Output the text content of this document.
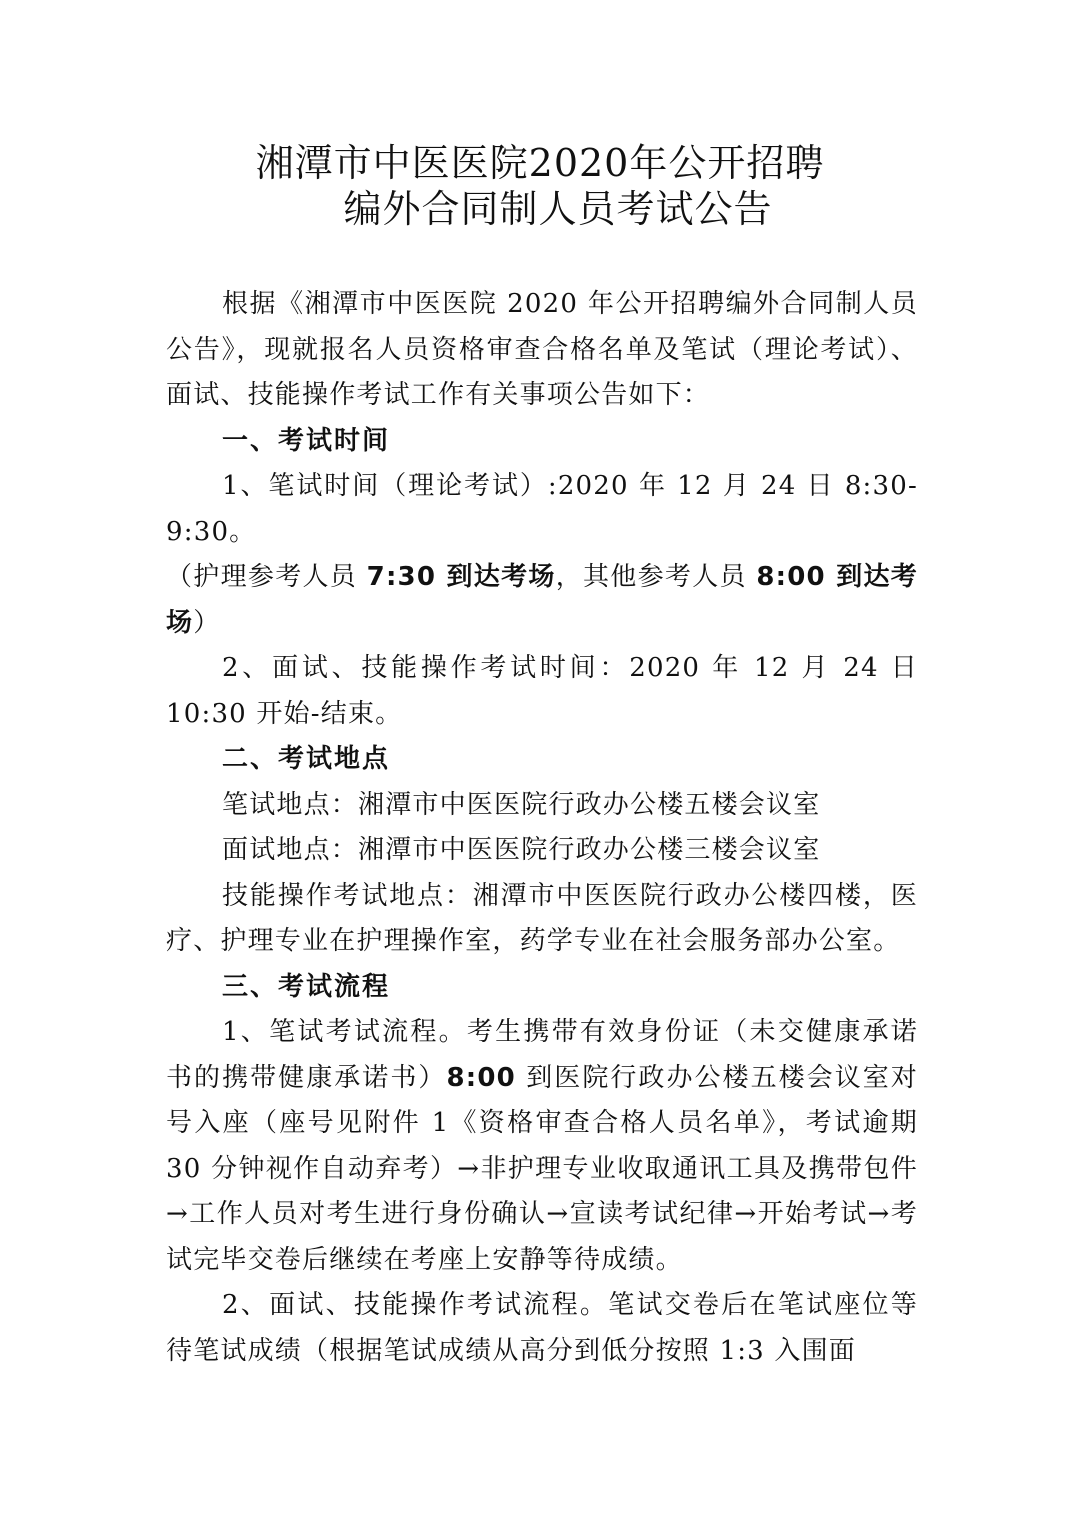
湘潭市中医医院2020年公开招聘
编外合同制人员考试公告

根据《湘潭市中医医院 2020 年公开招聘编外合同制人员公告》，现就报名人员资格审查合格名单及笔试（理论考试）、面试、技能操作考试工作有关事项公告如下：

一、考试时间

1、笔试时间（理论考试）:2020 年 12 月 24 日 8:30-9:30。

（护理参考人员 7:30 到达考场，其他参考人员 8:00 到达考场）

2、面试、技能操作考试时间：2020 年 12 月 24 日 10:30 开始-结束。

二、考试地点

笔试地点：湘潭市中医医院行政办公楼五楼会议室

面试地点：湘潭市中医医院行政办公楼三楼会议室

技能操作考试地点：湘潭市中医医院行政办公楼四楼，医疗、护理专业在护理操作室，药学专业在社会服务部办公室。

三、考试流程

1、笔试考试流程。考生携带有效身份证（未交健康承诺书的携带健康承诺书）8:00 到医院行政办公楼五楼会议室对号入座（座号见附件 1《资格审查合格人员名单》，考试逾期 30 分钟视作自动弃考）→非护理专业收取通讯工具及携带包件→工作人员对考生进行身份确认→宣读考试纪律→开始考试→考试完毕交卷后继续在考座上安静等待成绩。

2、面试、技能操作考试流程。笔试交卷后在笔试座位等待笔试成绩（根据笔试成绩从高分到低分按照 1:3 入围面
